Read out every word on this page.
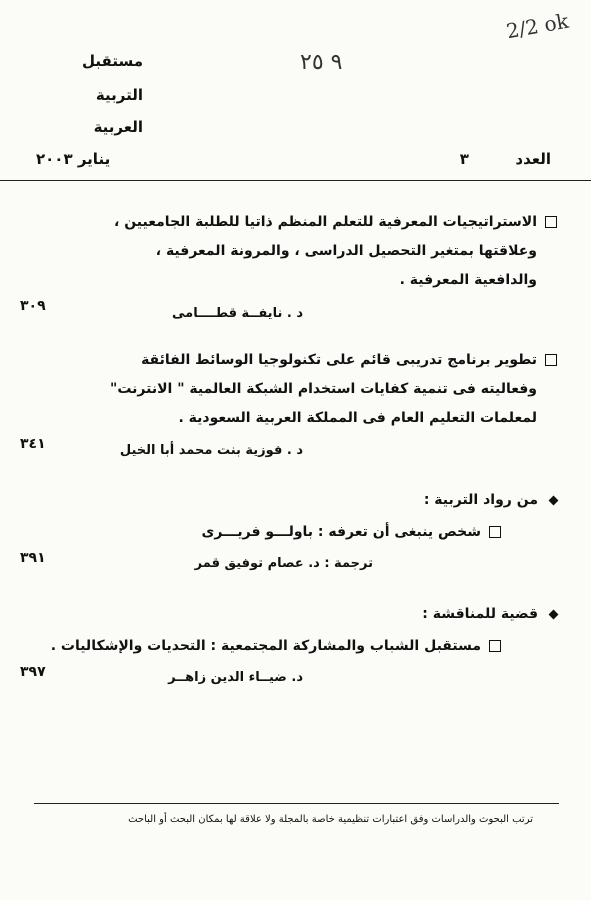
مستقبل
التربية
العربية
٩ ٢٥
2/2 ok
العدد  ٣
يناير ٢٠٠٣
الاستراتيجيات المعرفية للتعلم المنظم ذاتيا للطلبة الجامعيين ،
وعلاقتها بمتغير التحصيل الدراسى ، والمرونة المعرفية ،
والدافعية المعرفية .
د . نايفــة قطــــامى
٣٠٩
تطوير برنامج تدريبى قائم على تكنولوجيا الوسائط الفائقة
وفعاليته فى تنمية كفايات استخدام الشبكة العالمية " الانترنت"
لمعلمات التعليم العام فى المملكة العربية السعودية .
د . فوزية بنت محمد أبا الخيل
٣٤١
من رواد التربية :
شخص ينبغى أن تعرفه : باولـــو فريـــرى
ترجمة : د. عصام توفيق قمر
٣٩١
قضية للمناقشة :
مستقبل الشباب والمشاركة المجتمعية : التحديات والإشكاليات .
د. ضيــاء الدين زاهــر
٣٩٧
ترتب البحوث والدراسات وفق اعتبارات تنظيمية خاصة بالمجلة ولا علاقة لها بمكان البحث أو الباحث
